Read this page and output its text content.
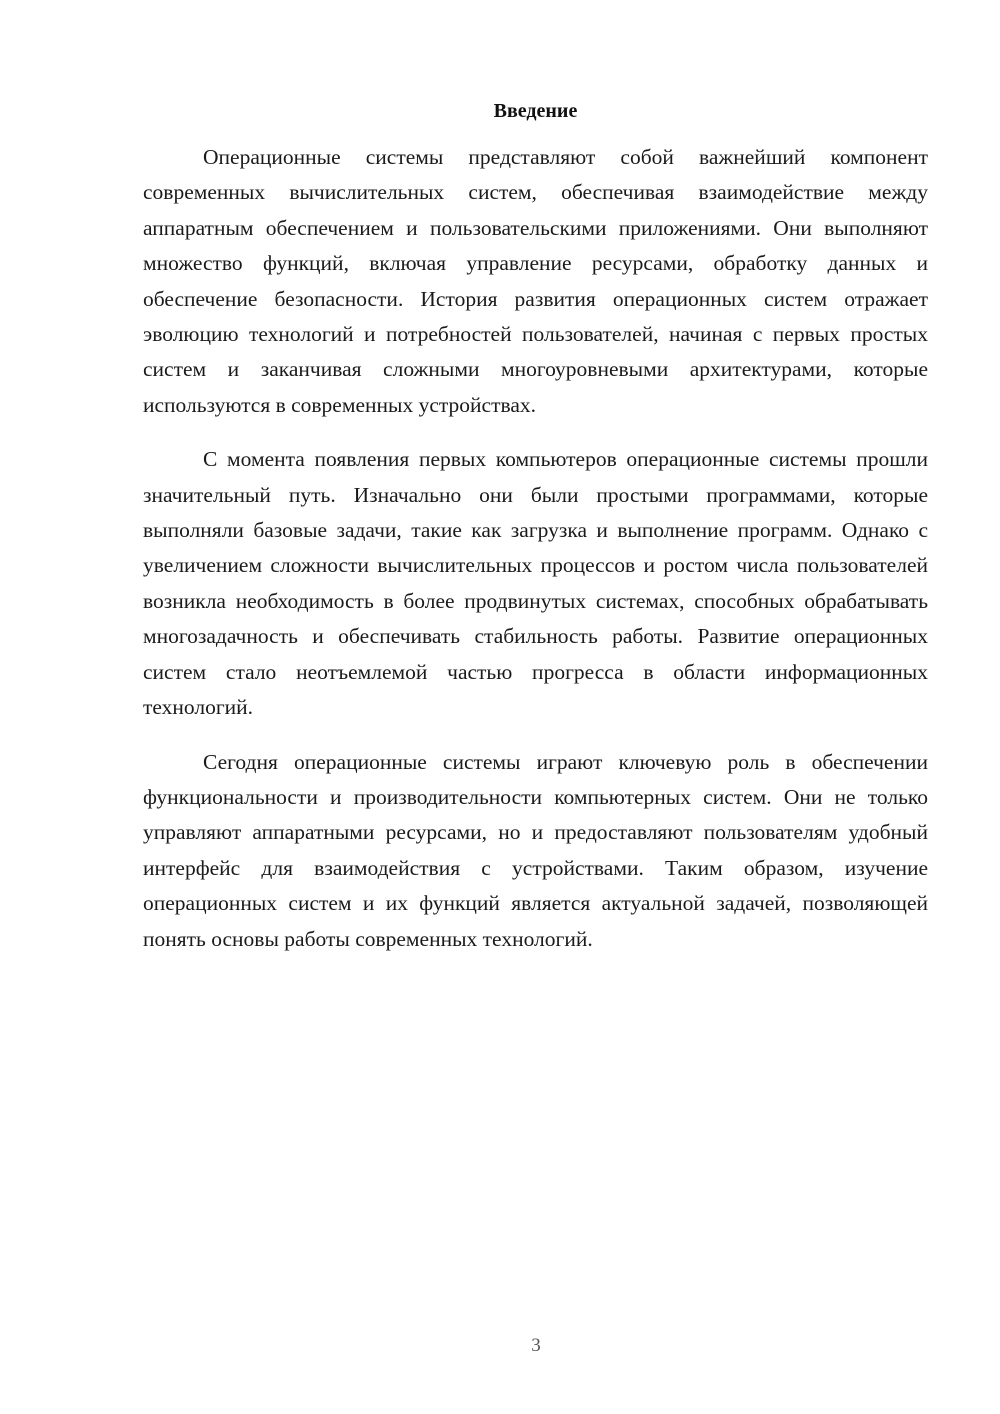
Введение

Операционные системы представляют собой важнейший компонент современных вычислительных систем, обеспечивая взаимодействие между аппаратным обеспечением и пользовательскими приложениями. Они выполняют множество функций, включая управление ресурсами, обработку данных и обеспечение безопасности. История развития операционных систем отражает эволюцию технологий и потребностей пользователей, начиная с первых простых систем и заканчивая сложными многоуровневыми архитектурами, которые используются в современных устройствах.

С момента появления первых компьютеров операционные системы прошли значительный путь. Изначально они были простыми программами, которые выполняли базовые задачи, такие как загрузка и выполнение программ. Однако с увеличением сложности вычислительных процессов и ростом числа пользователей возникла необходимость в более продвинутых системах, способных обрабатывать многозадачность и обеспечивать стабильность работы. Развитие операционных систем стало неотъемлемой частью прогресса в области информационных технологий.

Сегодня операционные системы играют ключевую роль в обеспечении функциональности и производительности компьютерных систем. Они не только управляют аппаратными ресурсами, но и предоставляют пользователям удобный интерфейс для взаимодействия с устройствами. Таким образом, изучение операционных систем и их функций является актуальной задачей, позволяющей понять основы работы современных технологий.

3
